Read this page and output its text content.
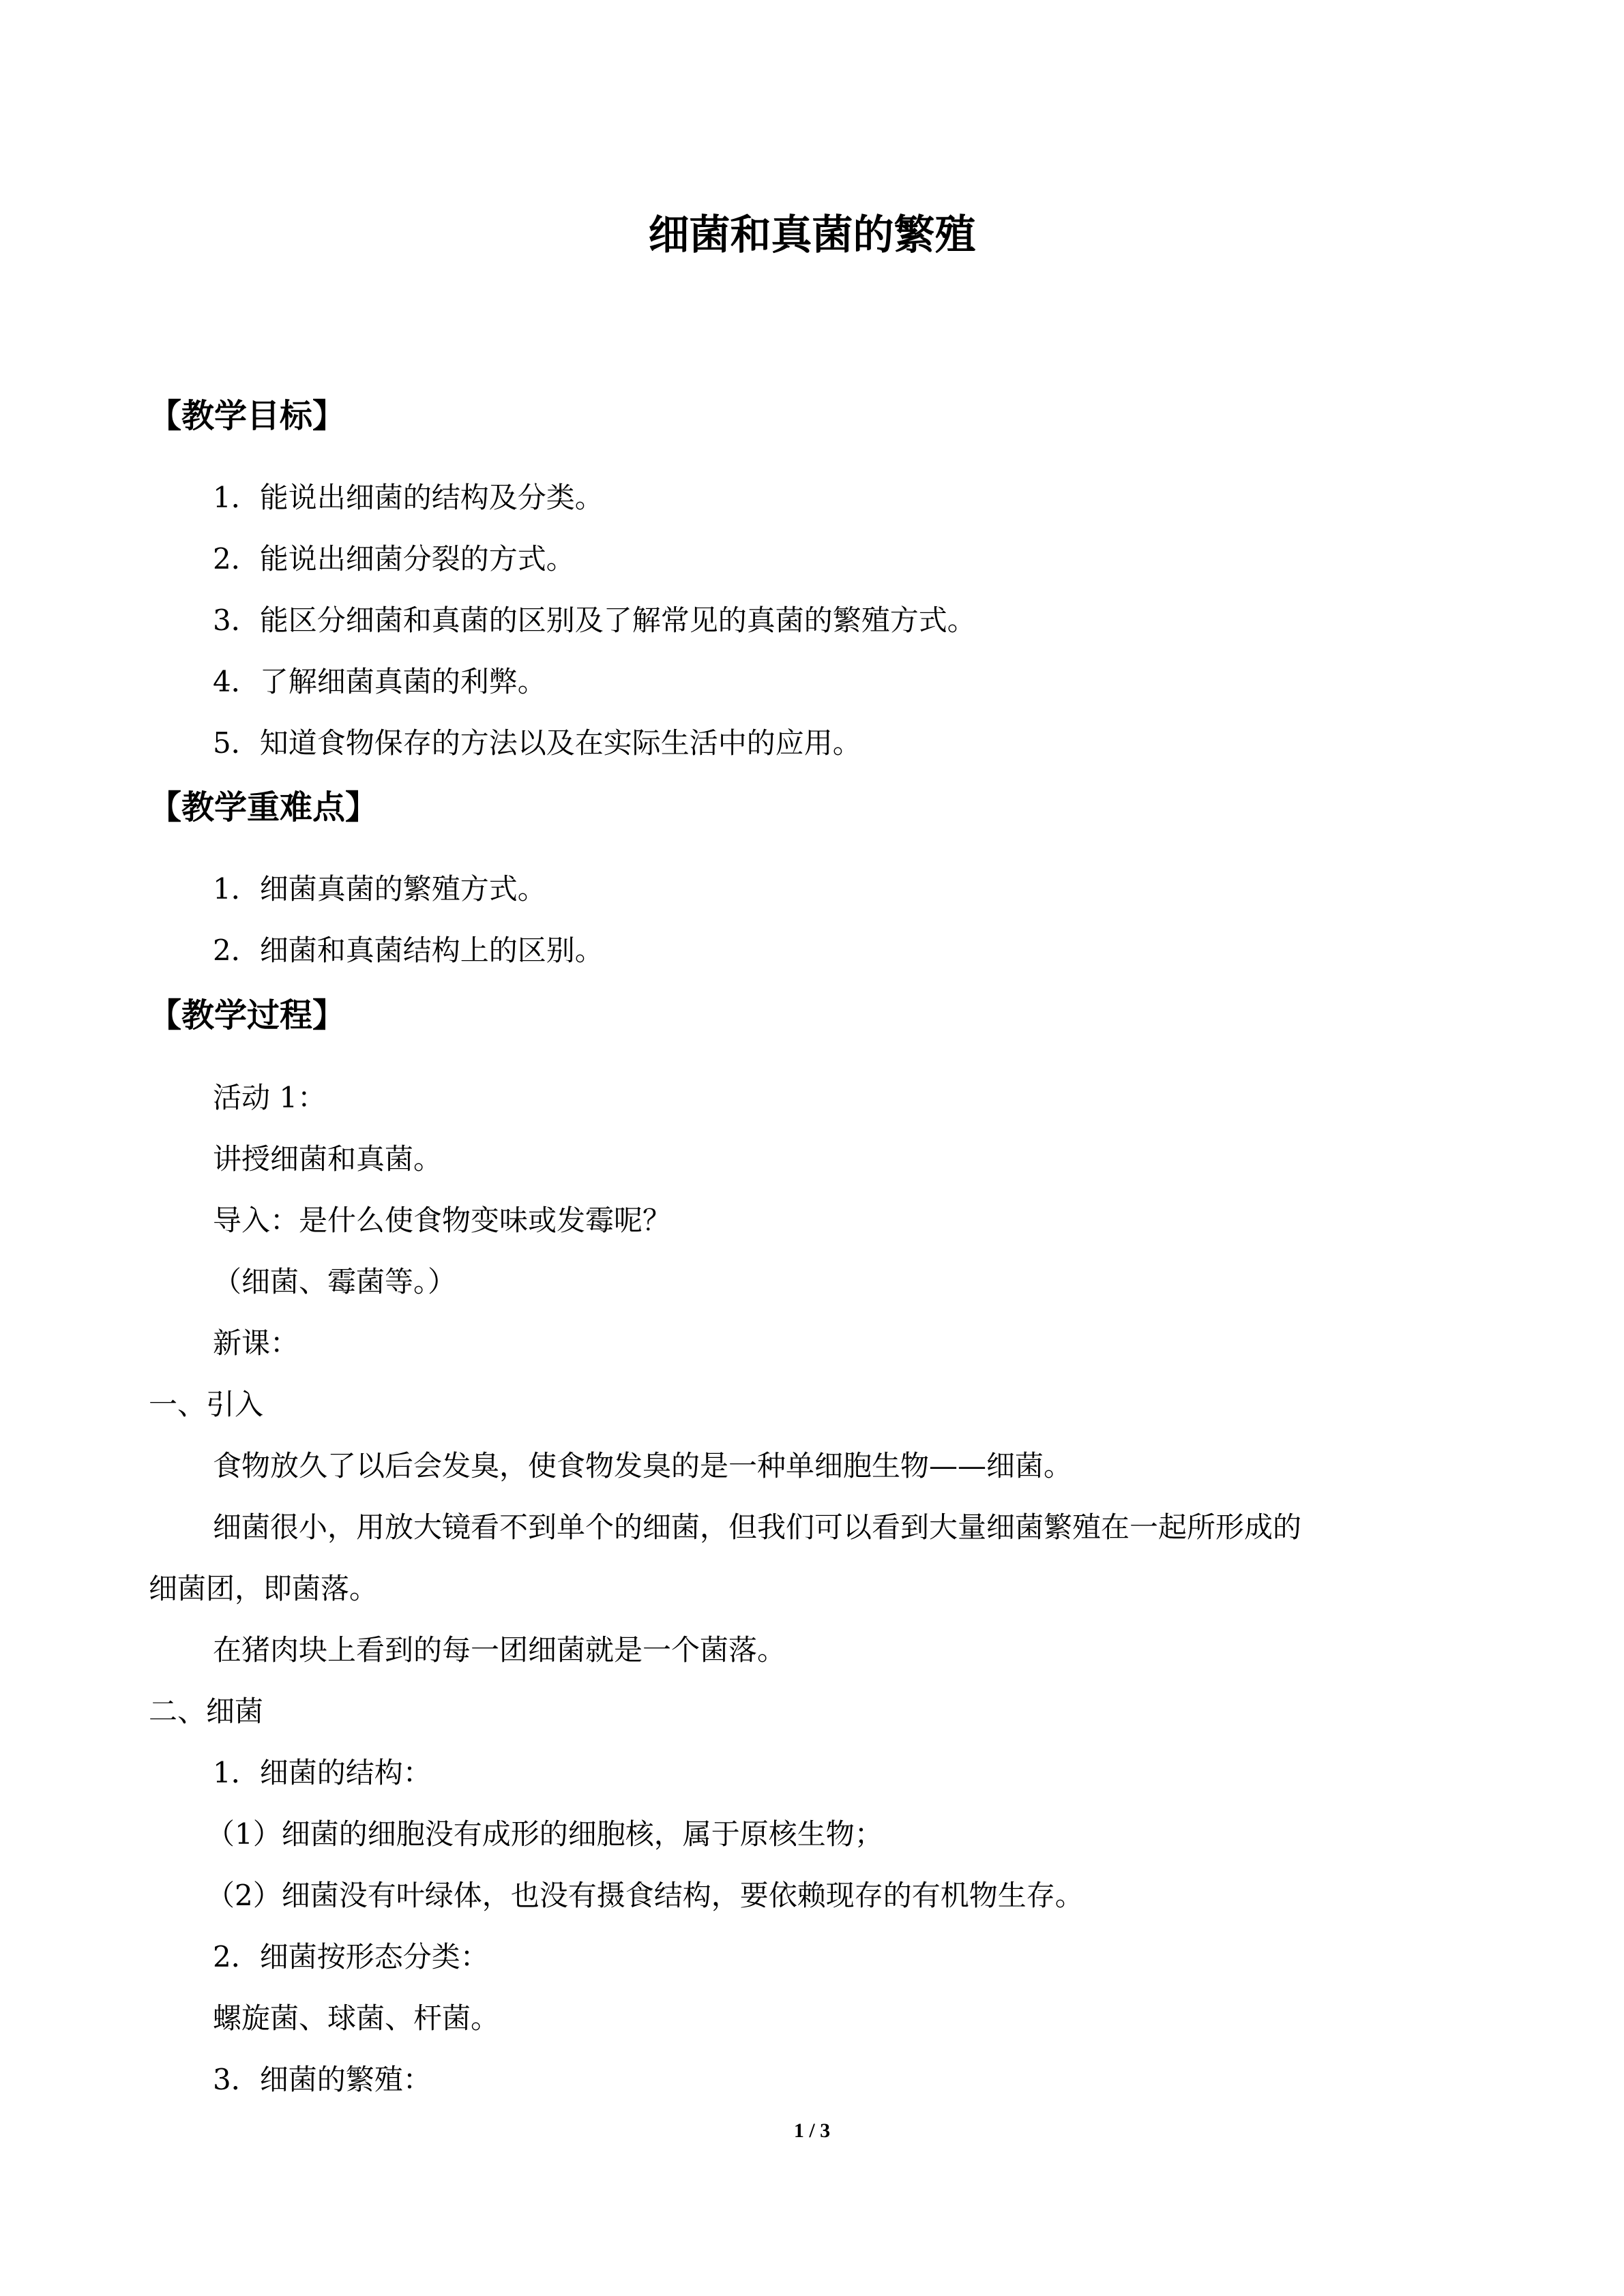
细菌和真菌的繁殖
【教学目标】
1．能说出细菌的结构及分类。
2．能说出细菌分裂的方式。
3．能区分细菌和真菌的区别及了解常见的真菌的繁殖方式。
4．了解细菌真菌的利弊。
5．知道食物保存的方法以及在实际生活中的应用。
【教学重难点】
1．细菌真菌的繁殖方式。
2．细菌和真菌结构上的区别。
【教学过程】
活动 1：
讲授细菌和真菌。
导入：是什么使食物变味或发霉呢？
（细菌、霉菌等。）
新课：
一、引入
食物放久了以后会发臭，使食物发臭的是一种单细胞生物——细菌。
细菌很小，用放大镜看不到单个的细菌，但我们可以看到大量细菌繁殖在一起所形成的
细菌团，即菌落。
在猪肉块上看到的每一团细菌就是一个菌落。
二、细菌
1．细菌的结构：
（1）细菌的细胞没有成形的细胞核，属于原核生物；
（2）细菌没有叶绿体，也没有摄食结构，要依赖现存的有机物生存。
2．细菌按形态分类：
螺旋菌、球菌、杆菌。
3．细菌的繁殖：
1 / 3
